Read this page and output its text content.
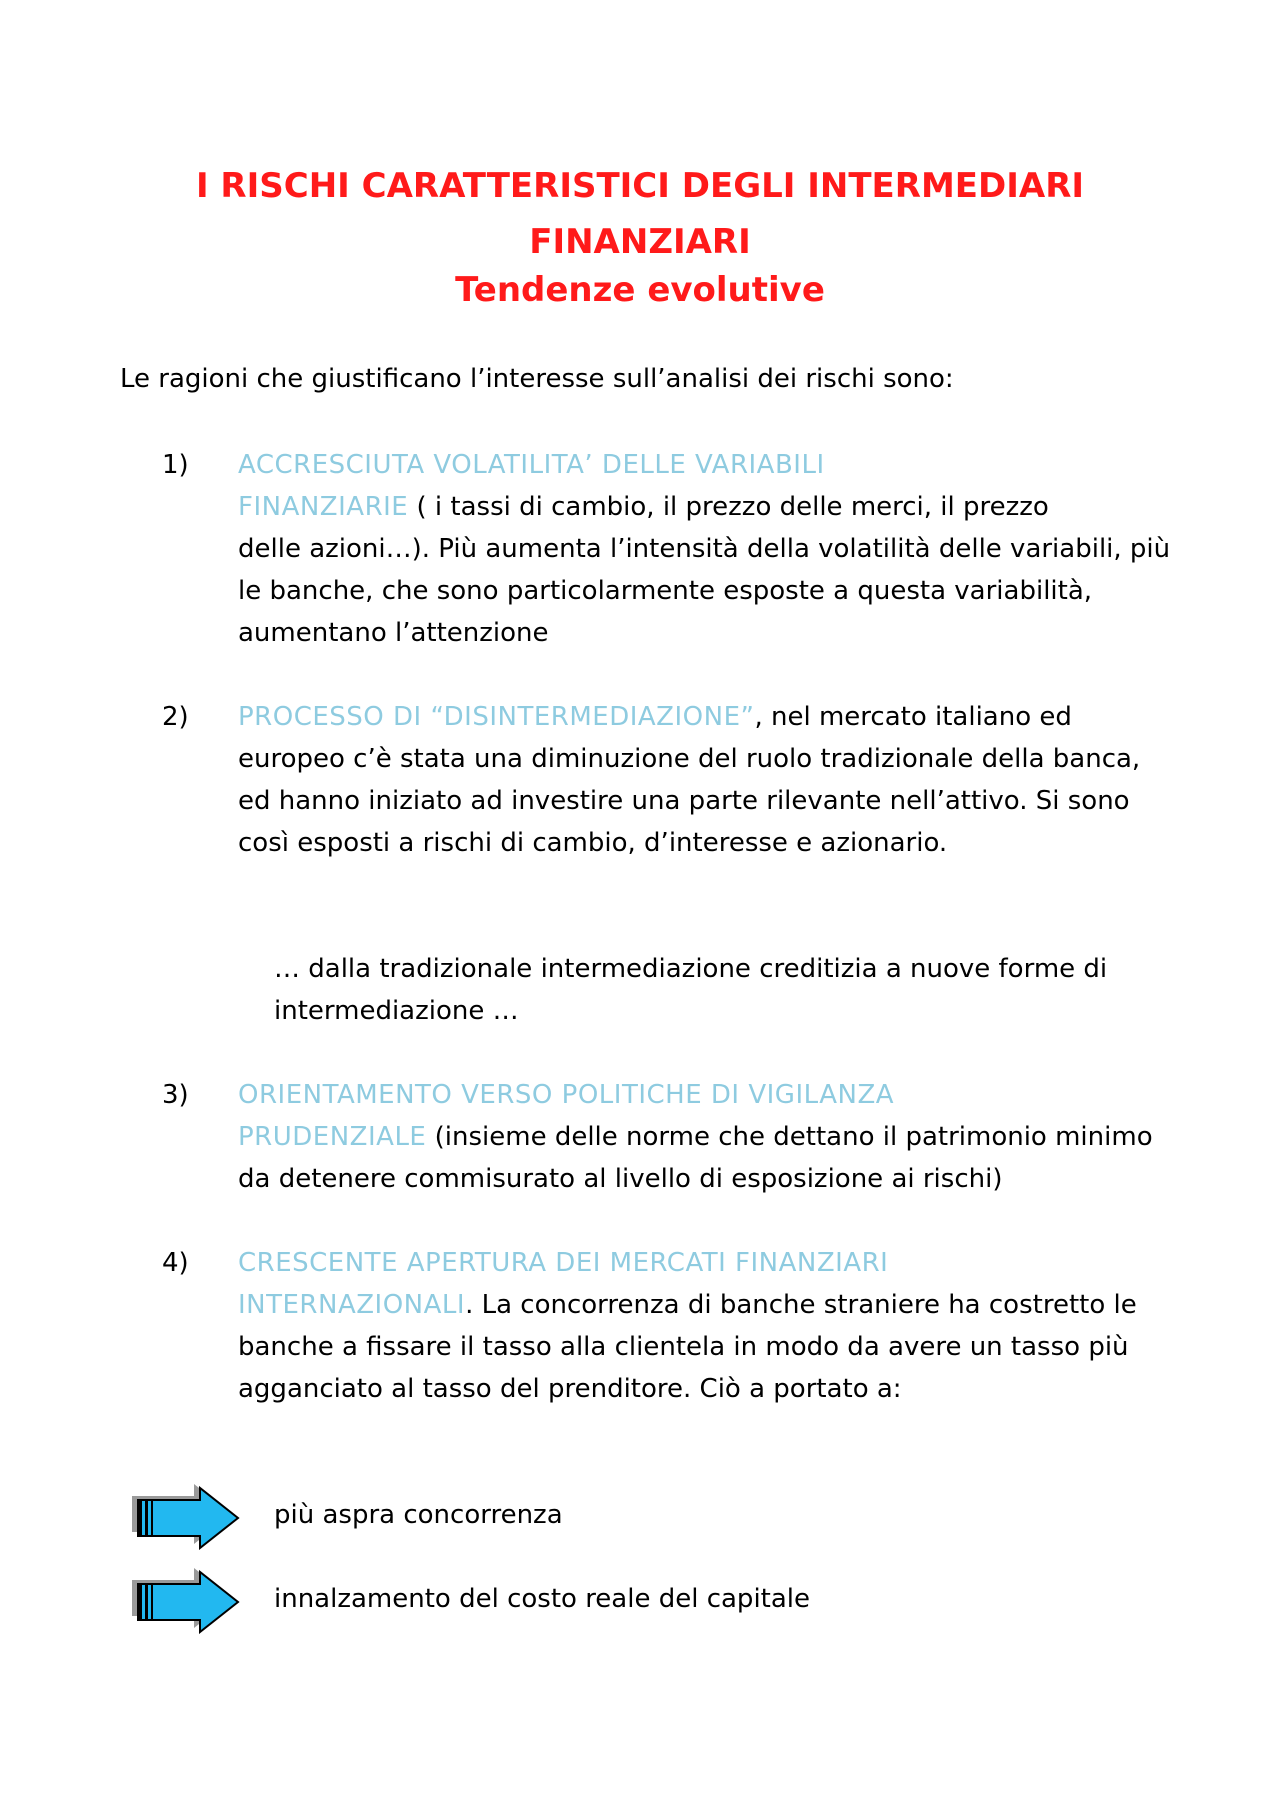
I RISCHI CARATTERISTICI DEGLI INTERMEDIARI
FINANZIARI
Tendenze evolutive

Le ragioni che giustificano l’interesse sull’analisi dei rischi sono:

1) ACCRESCIUTA VOLATILITA’ DELLE VARIABILI
FINANZIARIE ( i tassi di cambio, il prezzo delle merci, il prezzo
delle azioni…). Più aumenta l’intensità della volatilità delle variabili, più le banche, che sono particolarmente esposte a questa variabilità, aumentano l’attenzione

2) PROCESSO DI “DISINTERMEDIAZIONE”, nel mercato italiano ed europeo c’è stata una diminuzione del ruolo tradizionale della banca, ed hanno iniziato ad investire una parte rilevante nell’attivo. Si sono così esposti a rischi di cambio, d’interesse e azionario.

… dalla tradizionale intermediazione creditizia a nuove forme di intermediazione …

3) ORIENTAMENTO VERSO POLITICHE DI VIGILANZA
PRUDENZIALE (insieme delle norme che dettano il patrimonio minimo da detenere commisurato al livello di esposizione ai rischi)

4) CRESCENTE APERTURA DEI MERCATI FINANZIARI
INTERNAZIONALI. La concorrenza di banche straniere ha costretto le banche a fissare il tasso alla clientela in modo da avere un tasso più agganciato al tasso del prenditore. Ciò a portato a:

più aspra concorrenza
innalzamento del costo reale del capitale
